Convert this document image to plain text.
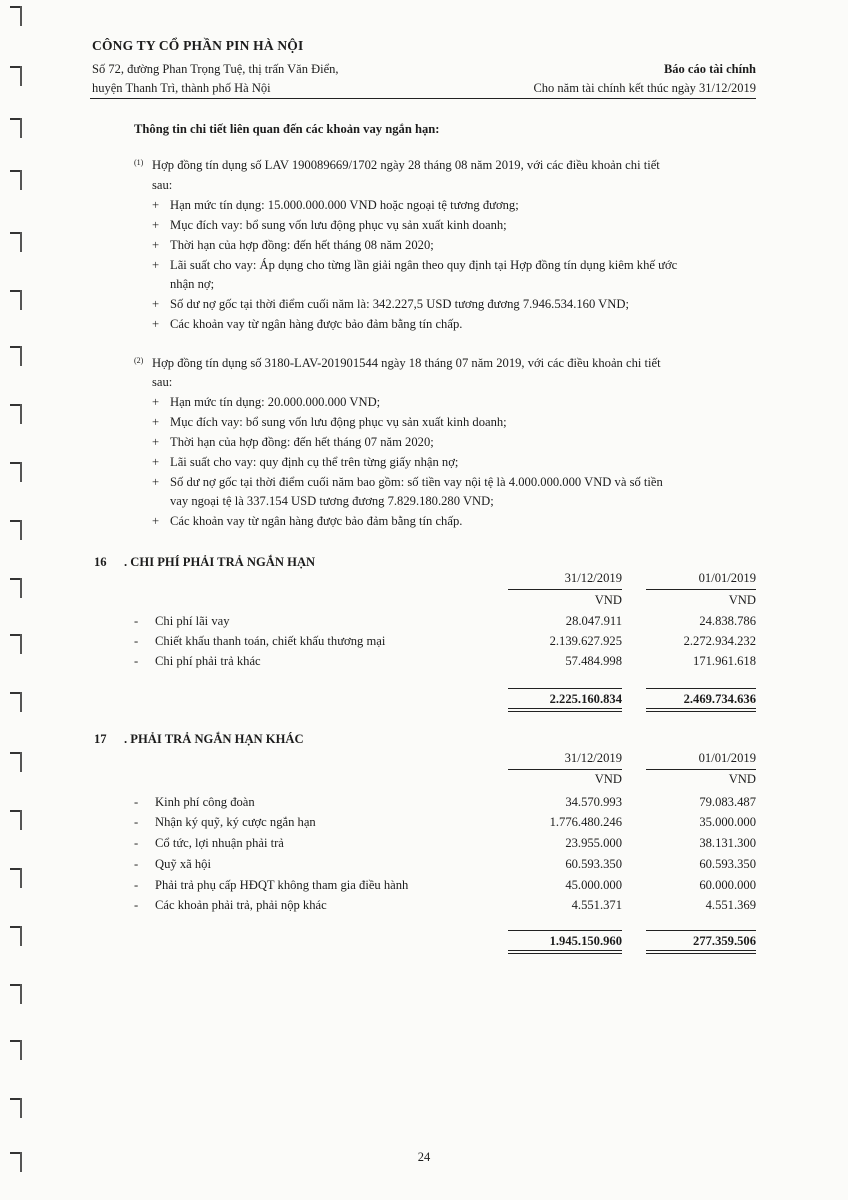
CÔNG TY CỔ PHẦN PIN HÀ NỘI
Số 72, đường Phan Trọng Tuệ, thị trấn Văn Điển,
huyện Thanh Trì, thành phố Hà Nội
Báo cáo tài chính
Cho năm tài chính kết thúc ngày 31/12/2019
Thông tin chi tiết liên quan đến các khoản vay ngắn hạn:
$^{(1)}$ Hợp đồng tín dụng số LAV 190089669/1702 ngày 28 tháng 08 năm 2019, với các điều khoản chi tiết
sau:
+ Hạn mức tín dụng: 15.000.000.000 VND hoặc ngoại tệ tương đương;
+ Mục đích vay: bổ sung vốn lưu động phục vụ sản xuất kinh doanh;
+ Thời hạn của hợp đồng: đến hết tháng 08 năm 2020;
+ Lãi suất cho vay: Áp dụng cho từng lần giải ngân theo quy định tại Hợp đồng tín dụng kiêm khế ước
nhận nợ;
+ Số dư nợ gốc tại thời điểm cuối năm là: 342.227,5 USD tương đương 7.946.534.160 VND;
+ Các khoản vay từ ngân hàng được bảo đảm bằng tín chấp.
$^{(2)}$ Hợp đồng tín dụng số 3180-LAV-201901544 ngày 18 tháng 07 năm 2019, với các điều khoản chi tiết
sau:
+ Hạn mức tín dụng: 20.000.000.000 VND;
+ Mục đích vay: bổ sung vốn lưu động phục vụ sản xuất kinh doanh;
+ Thời hạn của hợp đồng: đến hết tháng 07 năm 2020;
+ Lãi suất cho vay: quy định cụ thể trên từng giấy nhận nợ;
+ Số dư nợ gốc tại thời điểm cuối năm bao gồm: số tiền vay nội tệ là 4.000.000.000 VND và số tiền
vay ngoại tệ là 337.154 USD tương đương 7.829.180.280 VND;
+ Các khoản vay từ ngân hàng được bảo đảm bằng tín chấp.
16 . CHI PHÍ PHẢI TRẢ NGẮN HẠN
31/12/2019	01/01/2019
VND	VND
- Chi phí lãi vay	28.047.911	24.838.786
- Chiết khấu thanh toán, chiết khấu thương mại	2.139.627.925	2.272.934.232
- Chi phí phải trả khác	57.484.998	171.961.618
2.225.160.834	2.469.734.636
17 . PHẢI TRẢ NGẮN HẠN KHÁC
31/12/2019	01/01/2019
VND	VND
- Kinh phí công đoàn	34.570.993	79.083.487
- Nhận ký quỹ, ký cược ngắn hạn	1.776.480.246	35.000.000
- Cổ tức, lợi nhuận phải trả	23.955.000	38.131.300
- Quỹ xã hội	60.593.350	60.593.350
- Phải trả phụ cấp HĐQT không tham gia điều hành	45.000.000	60.000.000
- Các khoản phải trả, phải nộp khác	4.551.371	4.551.369
1.945.150.960	277.359.506
24
